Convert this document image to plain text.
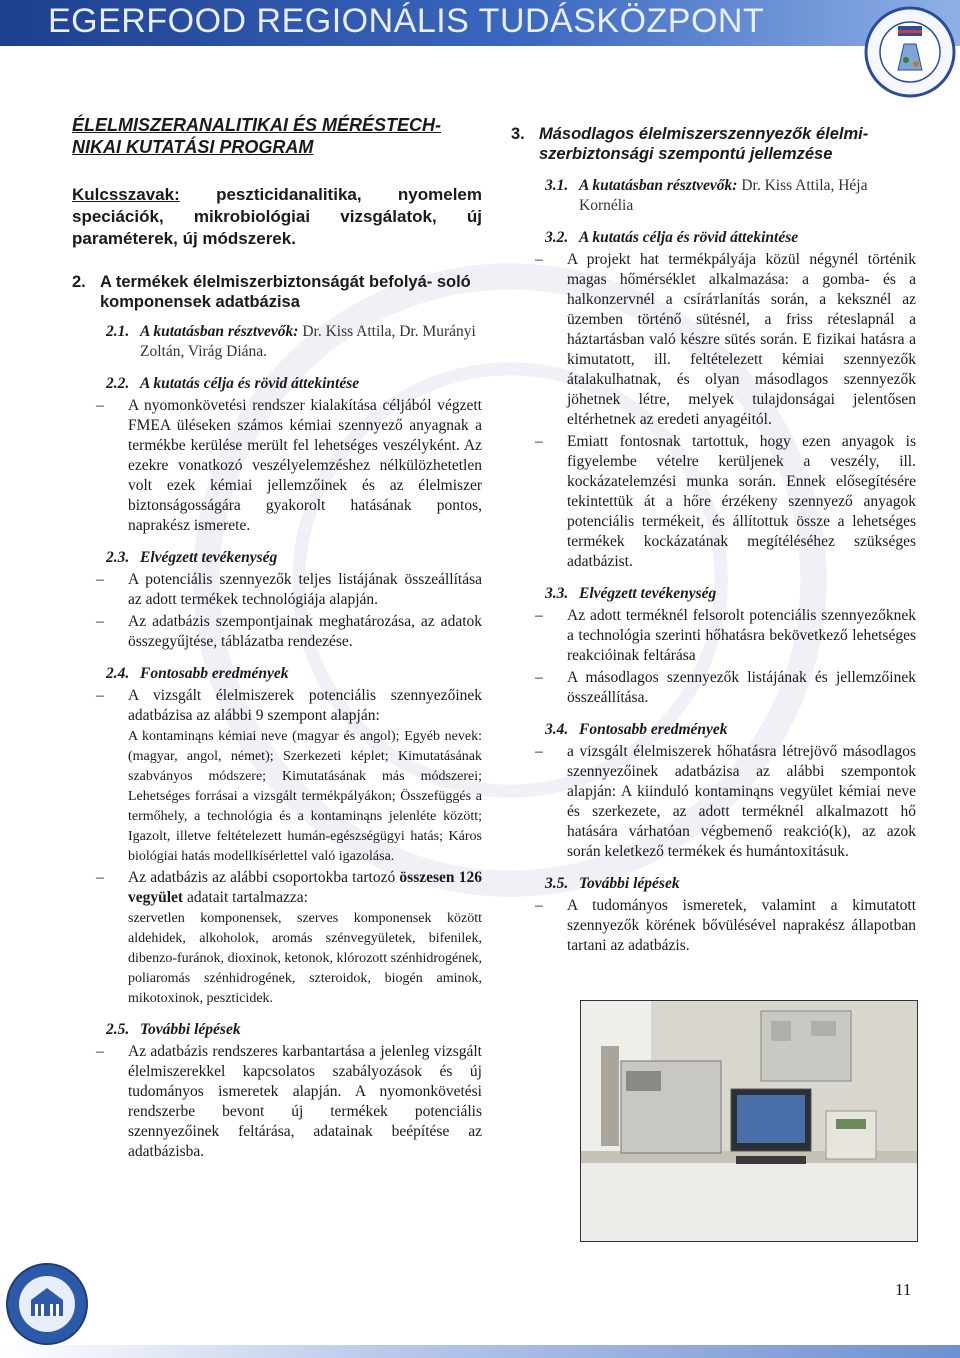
EGERFOOD REGIONÁLIS TUDÁSKÖZPONT

ÉLELMISZERANALITIKAI ÉS MÉRÉSTECH- NIKAI KUTATÁSI PROGRAM

Kulcsszavak: peszticidanalitika, nyomelem speciációk, mikrobiológiai vizsgálatok, új paraméterek, új módszerek.

2. A termékek élelmiszerbiztonságát befolyá- soló komponensek adatbázisa
2.1. A kutatásban résztvevők: Dr. Kiss Attila, Dr. Murányi Zoltán, Virág Diána.
2.2. A kutatás célja és rövid áttekintése
–	A nyomonkövetési rendszer kialakítása céljából végzett FMEA üléseken számos kémiai szennyező anyagnak a termékbe kerülése merült fel lehetséges veszélyként. Az ezekre vonatkozó veszélyelemzéshez nélkülözhetetlen volt ezek kémiai jellemzőinek és az élelmiszer biztonságosságára gyakorolt hatásának pontos, naprakész ismerete.
2.3. Elvégzett tevékenység
–	A potenciális szennyezők teljes listájának összeállítása az adott termékek technológiája alapján.
–	Az adatbázis szempontjainak meghatározása, az adatok összegyűjtése, táblázatba rendezése.
2.4. Fontosabb eredmények
–	A vizsgált élelmiszerek potenciális szennyezőinek adatbázisa az alábbi 9 szempont alapján:
A kontaminąns kémiai neve (magyar és angol); Egyéb nevek: (magyar, angol, német); Szerkezeti képlet; Kimutatásának szabványos módszere; Kimutatásának más módszerei; Lehetséges forrásai a vizsgált termékpályákon; Összefüggés a termőhely, a technológia és a kontaminąns jelenléte között; Igazolt, illetve feltételezett humán-egészségügyi hatás; Káros biológiai hatás modellkísérlettel való igazolása.
–	Az adatbázis az alábbi csoportokba tartozó összesen 126 vegyület adatait tartalmazza:
szervetlen komponensek, szerves komponensek között aldehidek, alkoholok, aromás szénvegyületek, bifenilek, dibenzo-furánok, dioxinok, ketonok, klórozott szénhidrogének, poliaromás szénhidrogének, szteroidok, biogén aminok, mikotoxinok, peszticidek.
2.5. További lépések
–	Az adatbázis rendszeres karbantartása a jelenleg vizsgált élelmiszerekkel kapcsolatos szabályozások és új tudományos ismeretek alapján. A nyomonkövetési rendszerbe bevont új termékek potenciális szennyezőinek feltárása, adatainak beépítése az adatbázisba.
3. Másodlagos élelmiszerszennyezők élelmi- szerbiztonsági szempontú jellemzése
3.1. A kutatásban résztvevők: Dr. Kiss Attila, Héja Kornélia
3.2. A kutatás célja és rövid áttekintése
–	A projekt hat termékpályája közül négynél történik magas hőmérséklet alkalmazása: a gomba- és a halkonzervnél a csíráтlanítás során, a keksznél az üzemben történő sütésnél, a friss réteslapnál a háztartásban való készre sütés során. E fizikai hatásra a kimutatott, ill. feltételezett kémiai szennyezők átalakulhatnak, és olyan másodlagos szennyezők jöhetnek létre, melyek tulajdonságai jelentősen eltérhetnek az eredeti anyagéitól.
–	Emiatt fontosnak tartottuk, hogy ezen anyagok is figyelembe vételre kerüljenek a veszély, ill. kockázatelemzési munka során. Ennek elősegítésére tekintettük át a hőre érzékeny szennyező anyagok potenciális termékeit, és állítottuk össze a lehetséges termékek kockázatának megítéléséhez szükséges adatbázist.
3.3. Elvégzett tevékenység
–	Az adott terméknél felsorolt potenciális szennyezőknek a technológia szerinti hőhatásra bekövetkező lehetséges reakcióinak feltárása
–	A másodlagos szennyezők listájának és jellemzőinek összeállítása.
3.4. Fontosabb eredmények
–	a vizsgált élelmiszerek hőhatásra létrejövő másodlagos szennyezőinek adatbázisa az alábbi szempontok alapján: A kiinduló kontaminąns vegyület kémiai neve és szerkezete, az adott terméknél alkalmazott hő hatására várhatóan végbemenő reakció(k), az azok során keletkező termékek és humántoxitásuk.
3.5. További lépések
–	A tudományos ismeretek, valamint a kimutatott szennyezők körének bővülésével naprakész állapotban tartani az adatbázis.
11
